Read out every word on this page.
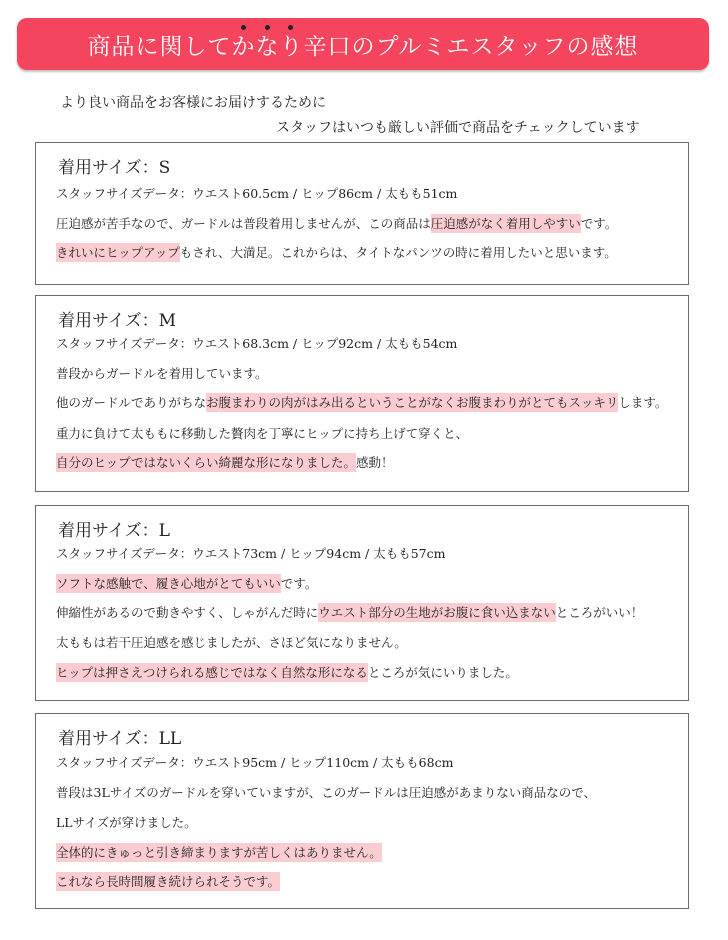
商品に関してかなり辛口のプルミエスタッフの感想
より良い商品をお客様にお届けするために
スタッフはいつも厳しい評価で商品をチェックしています
着用サイズ：S
スタッフサイズデータ：ウエスト60.5cm / ヒップ86cm / 太もも51cm
圧迫感が苦手なので、ガードルは普段着用しませんが、この商品は圧迫感がなく着用しやすいです。
きれいにヒップアップもされ、大満足。これからは、タイトなパンツの時に着用したいと思います。
着用サイズ：M
スタッフサイズデータ：ウエスト68.3cm / ヒップ92cm / 太もも54cm
普段からガードルを着用しています。
他のガードルでありがちなお腹まわりの肉がはみ出るということがなくお腹まわりがとてもスッキリします。
重力に負けて太ももに移動した贅肉を丁寧にヒップに持ち上げて穿くと、
自分のヒップではないくらい綺麗な形になりました。感動！
着用サイズ：L
スタッフサイズデータ：ウエスト73cm / ヒップ94cm / 太もも57cm
ソフトな感触で、履き心地がとてもいいです。
伸縮性があるので動きやすく、しゃがんだ時にウエスト部分の生地がお腹に食い込まないところがいい！
太ももは若干圧迫感を感じましたが、さほど気になりません。
ヒップは押さえつけられる感じではなく自然な形になるところが気にいりました。
着用サイズ：LL
スタッフサイズデータ：ウエスト95cm / ヒップ110cm / 太もも68cm
普段は3Lサイズのガードルを穿いていますが、このガードルは圧迫感があまりない商品なので、
LLサイズが穿けました。
全体的にきゅっと引き締まりますが苦しくはありません。
これなら長時間履き続けられそうです。
